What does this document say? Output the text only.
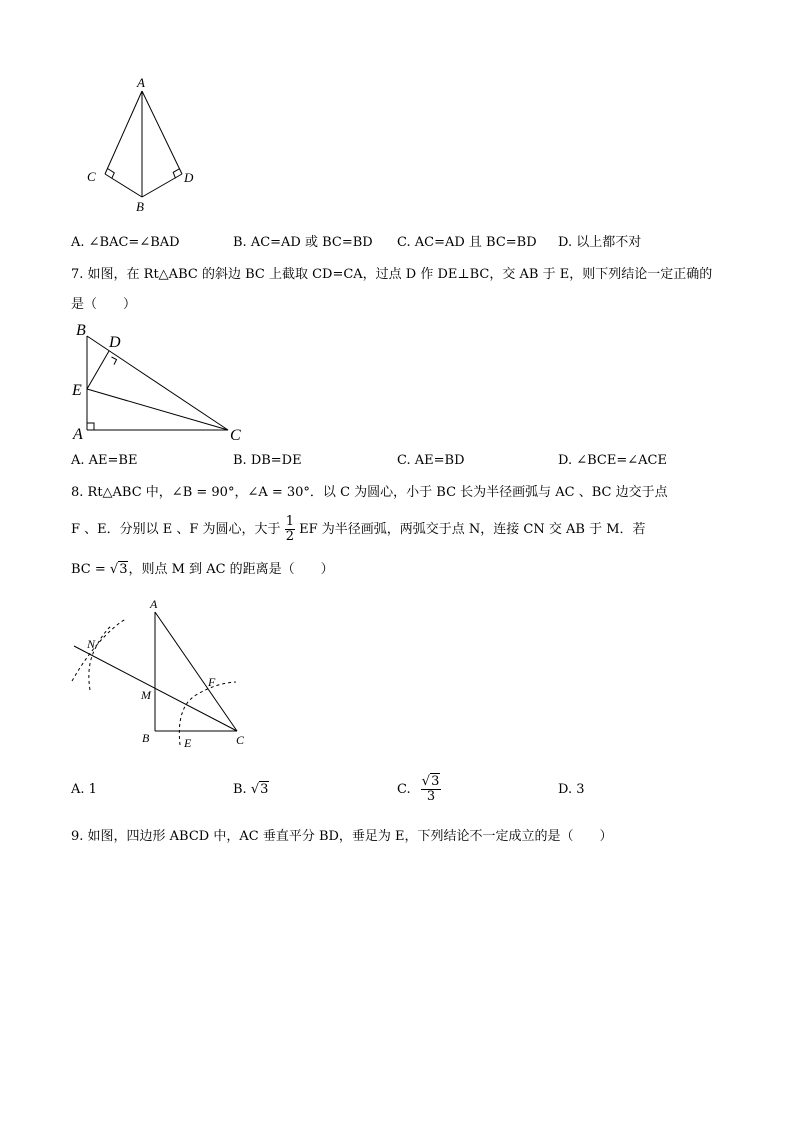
A
C	D
B
A. ∠BAC=∠BAD	B. AC=AD 或 BC=BD C. AC=AD 且 BC=BD D. 以上都不对
7. 如图，在 Rt△ABC 的斜边 BC 上截取 CD=CA，过点 D 作 DE⊥BC，交 AB 于 E，则下列结论一定正确的
是（　　）
B
D
E
A	C
A. AE=BE	B. DB=DE	C. AE=BD	D. ∠BCE=∠ACE
8. Rt△ABC 中，∠B = 90°，∠A = 30°．以 C 为圆心，小于 BC 长为半径画弧与 AC 、BC 边交于点
F 、E．分别以 E 、F 为圆心，大于 $\frac{1}{2}$ EF 为半径画弧，两弧交于点 N，连接 CN 交 AB 于 M．若
BC = √3，则点 M 到 AC 的距离是（　　）
A
N
F
M
B	E	C
A. 1	B. √3	C. $\frac{√3}{3}$	D. 3
9. 如图，四边形 ABCD 中，AC 垂直平分 BD，垂足为 E，下列结论不一定成立的是（　　）
